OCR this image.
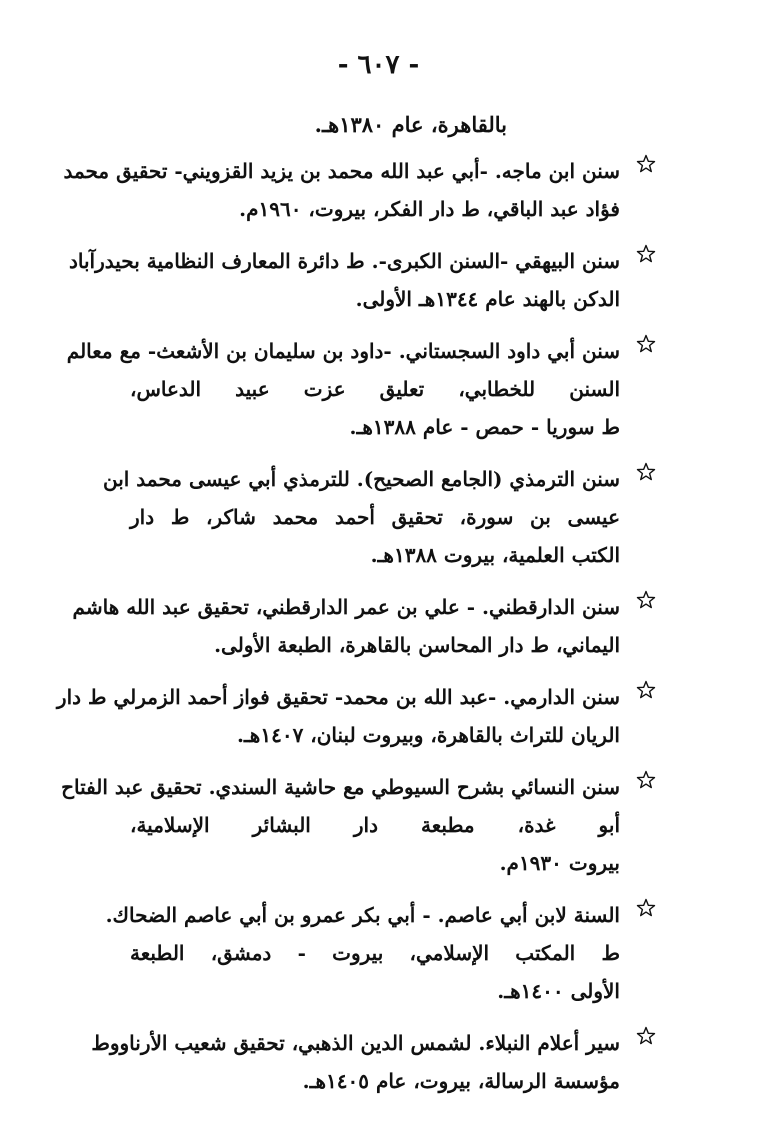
- ٦٠٧ -
بالقاهرة، عام ١٣٨٠هـ.
سنن ابن ماجه. -أبي عبد الله محمد بن يزيد القزويني- تحقيق محمد
فؤاد عبد الباقي، ط دار الفكر، بيروت، ١٩٦٠م.
سنن البيهقي -السنن الكبرى-. ط دائرة المعارف النظامية بحيدرآباد
الدكن بالهند عام ١٣٤٤هـ الأولى.
سنن أبي داود السجستاني. -داود بن سليمان بن الأشعث- مع معالم
السنن للخطابي، تعليق عزت عبيد الدعاس،
ط سوريا - حمص - عام ١٣٨٨هـ.
سنن الترمذي (الجامع الصحيح). للترمذي أبي عيسى محمد ابن
عيسى بن سورة، تحقيق أحمد محمد شاكر، ط دار
الكتب العلمية، بيروت ١٣٨٨هـ.
سنن الدارقطني. - علي بن عمر الدارقطني، تحقيق عبد الله هاشم
اليماني، ط دار المحاسن بالقاهرة، الطبعة الأولى.
سنن الدارمي. -عبد الله بن محمد- تحقيق فواز أحمد الزمرلي ط دار
الريان للتراث بالقاهرة، وبيروت لبنان، ١٤٠٧هـ.
سنن النسائي بشرح السيوطي مع حاشية السندي. تحقيق عبد الفتاح
أبو غدة، مطبعة دار البشائر الإسلامية،
بيروت ١٩٣٠م.
السنة لابن أبي عاصم. - أبي بكر عمرو بن أبي عاصم الضحاك.
ط المكتب الإسلامي، بيروت - دمشق، الطبعة
الأولى ١٤٠٠هـ.
سير أعلام النبلاء. لشمس الدين الذهبي، تحقيق شعيب الأرناووط
مؤسسة الرسالة، بيروت، عام ١٤٠٥هـ.
